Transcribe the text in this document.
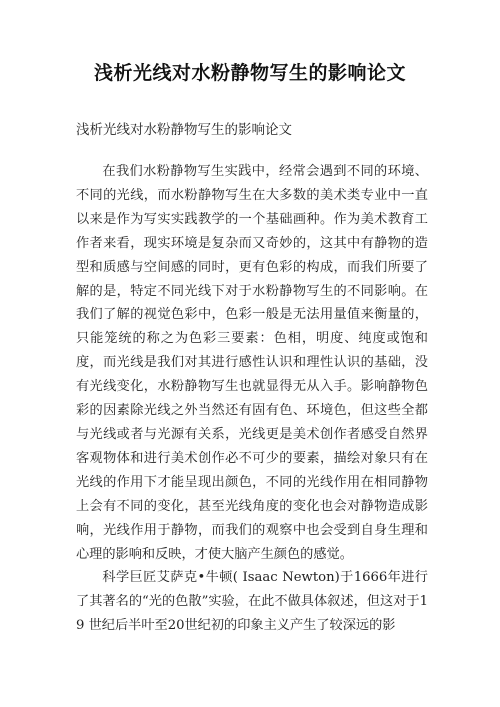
浅析光线对水粉静物写生的影响论文
浅析光线对水粉静物写生的影响论文

在我们水粉静物写生实践中，经常会遇到不同的环境、不同的光线，而水粉静物写生在大多数的美术类专业中一直以来是作为写实实践教学的一个基础画种。作为美术教育工作者来看，现实环境是复杂而又奇妙的，这其中有静物的造型和质感与空间感的同时，更有色彩的构成，而我们所要了解的是，特定不同光线下对于水粉静物写生的不同影响。在我们了解的视觉色彩中，色彩一般是无法用量值来衡量的，只能笼统的称之为色彩三要素：色相，明度、纯度或饱和度，而光线是我们对其进行感性认识和理性认识的基础，没有光线变化，水粉静物写生也就显得无从入手。影响静物色彩的因素除光线之外当然还有固有色、环境色，但这些全都与光线或者与光源有关系，光线更是美术创作者感受自然界客观物体和进行美术创作必不可少的要素，描绘对象只有在光线的作用下才能呈现出颜色，不同的光线作用在相同静物上会有不同的变化，甚至光线角度的变化也会对静物造成影响，光线作用于静物，而我们的观察中也会受到自身生理和心理的影响和反映，才使大脑产生颜色的感觉。

科学巨匠艾萨克•牛顿( Isaac Newton)于1666年进行了其著名的“光的色散”实验，在此不做具体叙述，但这对于19 世纪后半叶至20世纪初的印象主义产生了较深远的影
